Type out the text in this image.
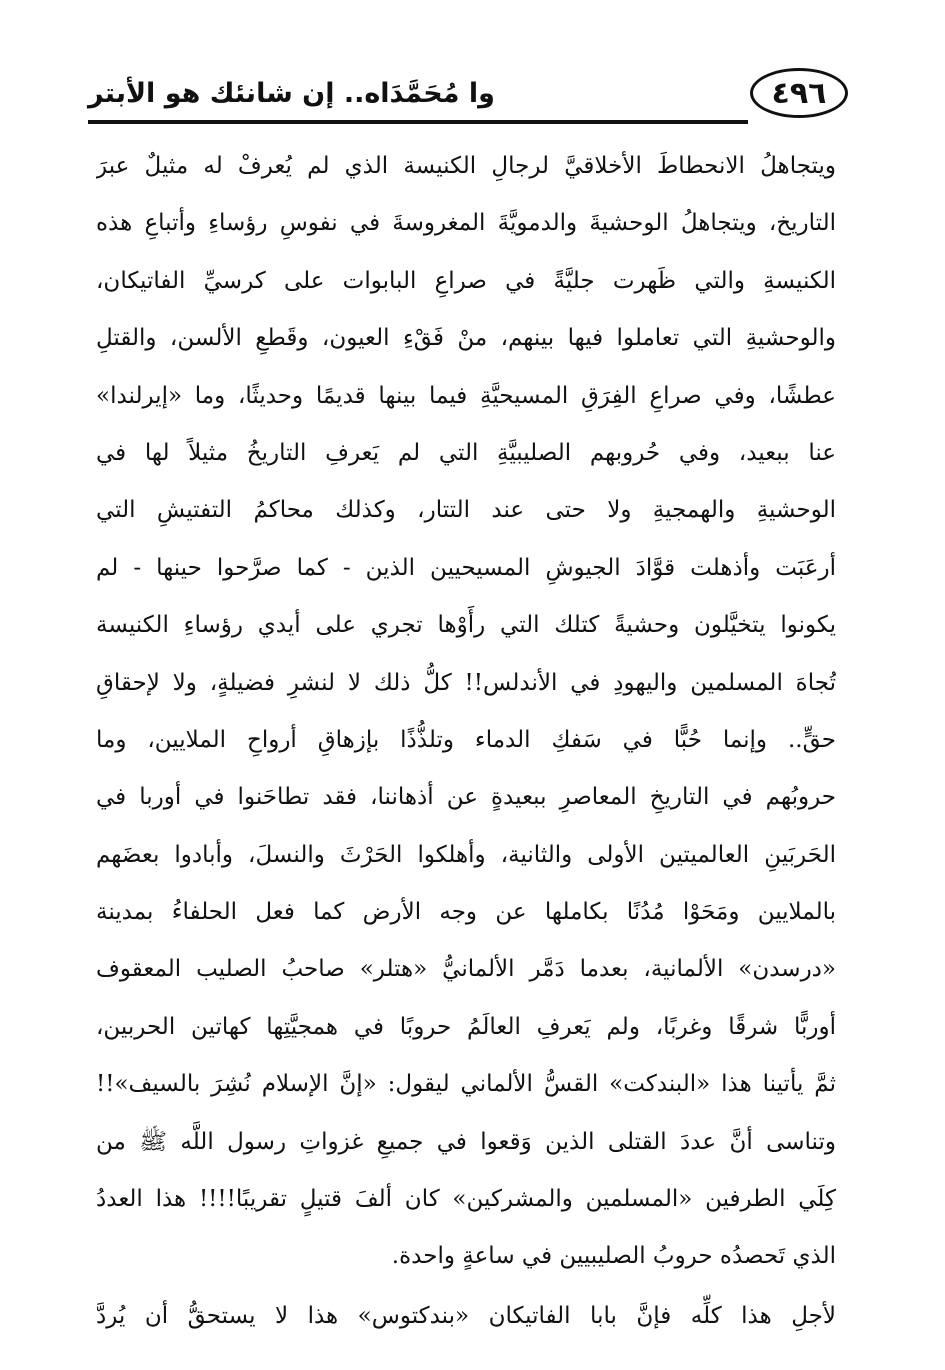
٤٩٦
وا مُحَمَّدَاه.. إن شانئك هو الأبتر
ويتجاهلُ الانحطاطَ الأخلاقيَّ لرجالِ الكنيسة الذي لم يُعرفْ له مثيلٌ عبرَ
التاريخ، ويتجاهلُ الوحشيةَ والدمويَّةَ المغروسةَ في نفوسِ رؤساءِ وأتباعِ هذه
الكنيسةِ والتي ظَهرت جليَّةً في صراعِ البابوات على كرسيِّ الفاتيكان،
والوحشيةِ التي تعاملوا فيها بينهم، منْ فَقْءِ العيون، وقَطعِ الألسن، والقتلِ
عطشًا، وفي صراعِ الفِرَقِ المسيحيَّةِ فيما بينها قديمًا وحديثًا، وما «إيرلندا»
عنا ببعيد، وفي حُروبهم الصليبيَّةِ التي لم يَعرفِ التاريخُ مثيلاً لها في
الوحشيةِ والهمجيةِ ولا حتى عند التتار، وكذلك محاكمُ التفتيشِ التي
أرعَبَت وأذهلت قوَّادَ الجيوشِ المسيحيين الذين - كما صرَّحوا حينها - لم
يكونوا يتخيَّلون وحشيةً كتلك التي رأَوْها تجري على أيدي رؤساءِ الكنيسة
تُجاهَ المسلمين واليهودِ في الأندلس!! كلُّ ذلك لا لنشرِ فضيلةٍ، ولا لإحقاقِ
حقٍّ.. وإنما حُبًّا في سَفكِ الدماء وتلذُّذًا بإزهاقِ أرواحِ الملايين، وما
حروبُهم في التاريخِ المعاصرِ ببعيدةٍ عن أذهاننا، فقد تطاحَنوا في أوربا في
الحَربَينِ العالميتين الأولى والثانية، وأهلكوا الحَرْثَ والنسلَ، وأبادوا بعضَهم
بالملايين ومَحَوْا مُدُنًا بكاملها عن وجه الأرض كما فعل الحلفاءُ بمدينة
«درسدن» الألمانية، بعدما دَمَّر الألمانيُّ «هتلر» صاحبُ الصليب المعقوف
أوربًّا شرقًا وغربًا، ولم يَعرفِ العالَمُ حروبًا في همجيَّتِها كهاتين الحربين،
ثمَّ يأتينا هذا «البندكت» القسُّ الألماني ليقول: «إنَّ الإسلام نُشِرَ بالسيف»!!
وتناسى أنَّ عددَ القتلى الذين وَقعوا في جميعِ غزواتِ رسول اللَّه ﷺ من
كِلَي الطرفين «المسلمين والمشركين» كان ألفَ قتيلٍ تقريبًا!!!! هذا العددُ
الذي تَحصدُه حروبُ الصليبيين في ساعةٍ واحدة.
لأجلِ هذا كلِّه فإنَّ بابا الفاتيكان «بندكتوس» هذا لا يستحقُّ أن يُردَّ
